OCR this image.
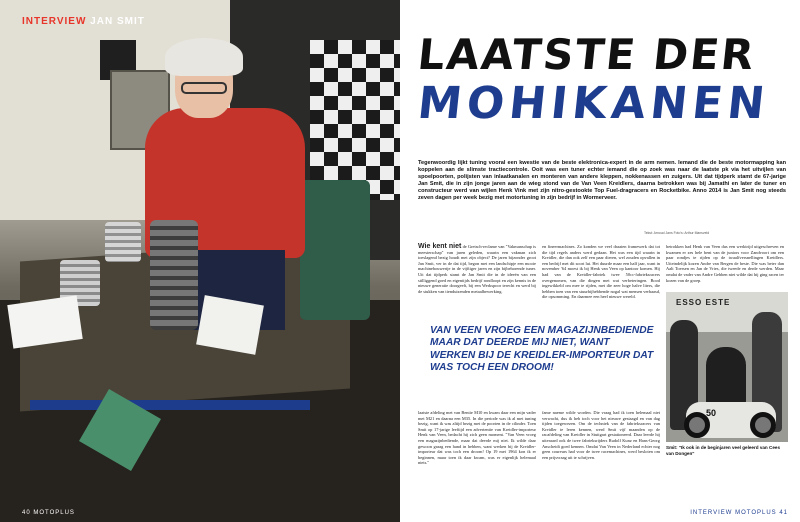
INTERVIEW JAN SMIT
40 MOTOPLUS
LAATSTE DER
MOHIKANEN
Tegenwoordig lijkt tuning vooral een kwestie van de beste elektronica-expert in de arm nemen. Iemand die de beste motormapping kan koppelen aan de slimste tractiecontrole. Ooit was een tuner echter iemand die op zoek was naar de laatste pk via het uitvijlen van spoelpoorten, polijsten van inlaatkanalen en monteren van andere kleppen, nokkenassen en zuigers. Uit dat tijdperk stamt de 67-jarige Jan Smit, die in zijn jonge jaren aan de wieg stond van de Van Veen Kreidlers, daarna betrokken was bij Jamathi en later de tuner en constructeur werd van wijlen Henk Vink met zijn nitro-gestookte Top Fuel-dragracers en Rocketbike. Anno 2014 is Jan Smit nog steeds zeven dagen per week bezig met motortuning in zijn bedrijf in Wormerveer.
Tekst: Arnoud Jans Foto's: Arthur Mansveld
Wie kent niet de Gretsch-reclame van "Vakmanschap is meesterschap" van jaren geleden, waarin een vakman zich toeslagend bezig houdt met zijn object? De jaren bijzonder groot Jan Smit, ver in de dat tijd, begon met een landschipje een mooie machinebouwertje in de vijftiger jaren en zijn bijbehorende tuner. Uit dat tijdperk stamt de Jan Smit die in de ideeën van een stilliggend goed en eigentijds bedrijf rondloopt en zijn kennis in de nieuwe generatie doorgeeft, bij een Werkspoor terecht en werd bij de stukken van tienduizenden metaalbewerking.
en fineermachines. Zo konden we veel draaien framewerk dat tot die tijd regels anders werd gedaan. Het was een tijd waarin in Kreidler, die dan ook zelf een paar dieren, wel zouden opvallen in een bedrijf met dit soort lui. Het duurde maar een half jaar, want in november '64 moest ik bij Henk van Veen op kantoor komen. Hij had van de Kreidler-fabriek twee 50cc-fabrieksracers overgenomen, van die dingen met wat verbeteringen. Bood ingewikkeld om mee te rijden, met die zeer hoge halve liters, die hebben toen van een stuurbijhebbende nogal wat mensen verbaasd, die opsomming. En daarmee een heel nieuwe wereld.
betrokken had Henk van Veen dus een werktrijd uitgeschreven en kwamen er zes hele bent van de juniors voor Zandvoort om een paar rondjes te rijden op de twaalfversnellingen Kreidlers. Uiteindelijk kozen Andre van Bergen de beste. Die was beter dan Aalt Toersen en Jan de Vries, die tweede en derde werden. Maar omdat de vader van Andre Gebben niet wilde dat hij ging racen ter kozen van de groep.
VAN VEEN VROEG EEN MAGAZIJNBEDIENDE MAAR DAT DEERDE MIJ NIET, WANT WERKEN BIJ DE KREIDLER-IMPORTEUR DAT WAS TOCH EEN DROOM!
laatste afdeling met van Bentie M10 en kwam daar een mijn vader met M21 en daarna een M35. In die periode was ik al met tuning bezig, want ik was altijd bezig met de poorten in de cilinder. Toen Smit op 17-jarige leeftijd een advertentie van Kreidler-importeur Henk van Veen, bedacht hij zich geen moment. "Van Veen vroeg een magazijnbediende, maar dat deerde mij niet. Ik wilde daar gewoon graag een hand in hebben, want werken bij de Kreidler-importeur dat was toch een droom! Op 19 mei 1964 kon ik er beginnen, maar toen ik daar kwam, was er eigenlijk helemaal niets."
fame naeme wilde worden. Die vraag had ik toen helemaal niet verwacht, dus ik heb toch voor het nieuwe gestaagd en van dag tijden toegewezen. Om de techniek van de fabrieksracers van Kreidler te leren kennen, werd Smit vijf maanden op de racafdeling van Kreidler in Stuttgart gestationeerd. Daar leerde hij uiteraard ook de twee fabrieksrijders Rudolf Kunz en Hans-Georg Anscheidt goed kennen. Omdat Van Veen in Nederland echter nog geen coureurs had voor de twee racemachines, werd besloten om een prijsvraag uit te schrijven.
ESSO ESTE
50
Smit: "Ik ook in de beginjaren veel geleerd van Cees van Dongen"
INTERVIEW MOTOPLUS 41
